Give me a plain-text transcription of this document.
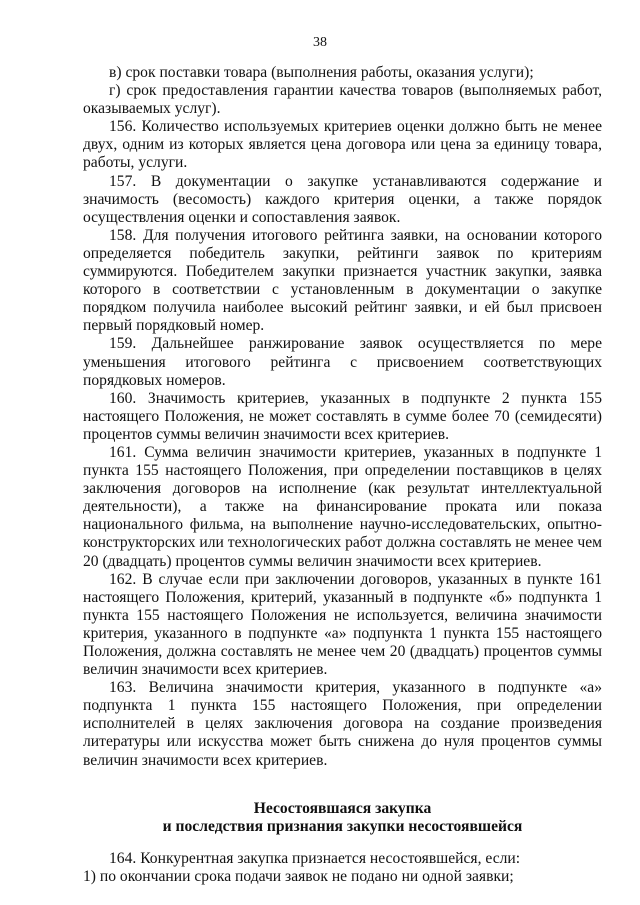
38

в) срок поставки товара (выполнения работы, оказания услуги);

г) срок предоставления гарантии качества товаров (выполняемых работ, оказываемых услуг).

156. Количество используемых критериев оценки должно быть не менее двух, одним из которых является цена договора или цена за единицу товара, работы, услуги.

157. В документации о закупке устанавливаются содержание и значимость (весомость) каждого критерия оценки, а также порядок осуществления оценки и сопоставления заявок.

158. Для получения итогового рейтинга заявки, на основании которого определяется победитель закупки, рейтинги заявок по критериям суммируются. Победителем закупки признается участник закупки, заявка которого в соответствии с установленным в документации о закупке порядком получила наиболее высокий рейтинг заявки, и ей был присвоен первый порядковый номер.

159. Дальнейшее ранжирование заявок осуществляется по мере уменьшения итогового рейтинга с присвоением соответствующих порядковых номеров.

160. Значимость критериев, указанных в подпункте 2 пункта 155 настоящего Положения, не может составлять в сумме более 70 (семидесяти) процентов суммы величин значимости всех критериев.

161. Сумма величин значимости критериев, указанных в подпункте 1 пункта 155 настоящего Положения, при определении поставщиков в целях заключения договоров на исполнение (как результат интеллектуальной деятельности), а также на финансирование проката или показа национального фильма, на выполнение научно-исследовательских, опытно-конструкторских или технологических работ должна составлять не менее чем 20 (двадцать) процентов суммы величин значимости всех критериев.

162. В случае если при заключении договоров, указанных в пункте 161 настоящего Положения, критерий, указанный в подпункте «б» подпункта 1 пункта 155 настоящего Положения не используется, величина значимости критерия, указанного в подпункте «а» подпункта 1 пункта 155 настоящего Положения, должна составлять не менее чем 20 (двадцать) процентов суммы величин значимости всех критериев.

163. Величина значимости критерия, указанного в подпункте «а» подпункта 1 пункта 155 настоящего Положения, при определении исполнителей в целях заключения договора на создание произведения литературы или искусства может быть снижена до нуля процентов суммы величин значимости всех критериев.

Несостоявшаяся закупка

и последствия признания закупки несостоявшейся

164. Конкурентная закупка признается несостоявшейся, если:

1) по окончании срока подачи заявок не подано ни одной заявки;
